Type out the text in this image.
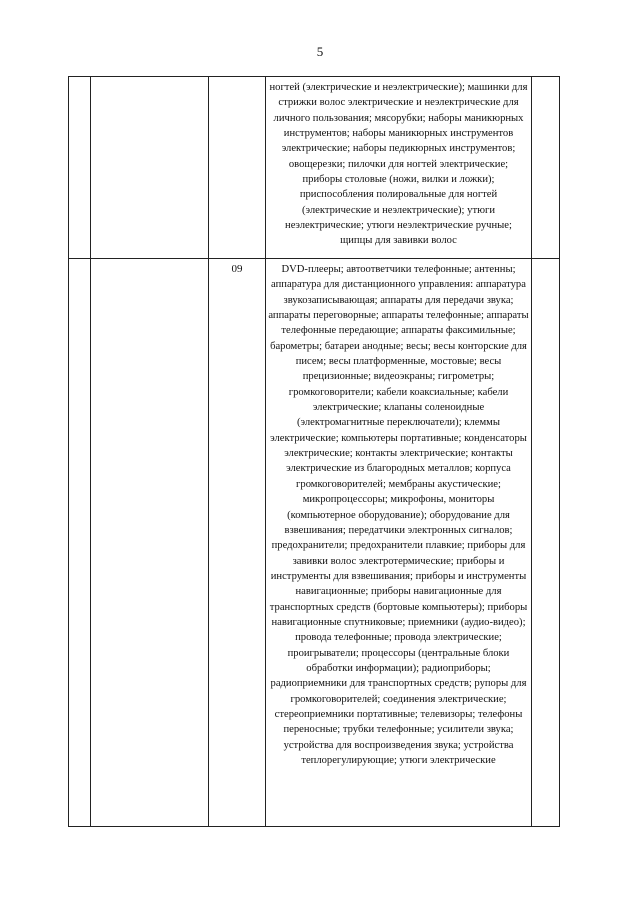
5
			ногтей (электрические и неэлектрические); машинки для стрижки волос электрические и неэлектрические для личного пользования; мясорубки; наборы маникюрных инструментов; наборы маникюрных инструментов электрические; наборы педикюрных инструментов; овощерезки; пилочки для ногтей электрические; приборы столовые (ножи, вилки и ложки); приспособления полировальные для ногтей (электрические и неэлектрические); утюги неэлектрические; утюги неэлектрические ручные; щипцы для завивки волос	
		09	DVD-плееры; автоответчики телефонные; антенны; аппаратура для дистанционного управления: аппаратура звукозаписывающая; аппараты для передачи звука; аппараты переговорные; аппараты телефонные; аппараты телефонные передающие; аппараты факсимильные; барометры; батареи анодные; весы; весы конторские для писем; весы платформенные, мостовые; весы прецизионные; видеоэкраны; гигрометры; громкоговорители; кабели коаксиальные; кабели электрические; клапаны соленоидные (электромагнитные переключатели); клеммы электрические; компьютеры портативные; конденсаторы электрические; контакты электрические; контакты электрические из благородных металлов; корпуса громкоговорителей; мембраны акустические; микропроцессоры; микрофоны, мониторы (компьютерное оборудование); оборудование для взвешивания; передатчики электронных сигналов; предохранители; предохранители плавкие; приборы для завивки волос электротермические; приборы и инструменты для взвешивания; приборы и инструменты навигационные; приборы навигационные для транспортных средств (бортовые компьютеры); приборы навигационные спутниковые; приемники (аудио-видео); провода телефонные; провода электрические; проигрыватели; процессоры (центральные блоки обработки информации); радиоприборы; радиоприемники для транспортных средств; рупоры для громкоговорителей; соединения электрические; стереоприемники портативные; телевизоры; телефоны переносные; трубки телефонные; усилители звука; устройства для воспроизведения звука; устройства теплорегулирующие; утюги электрические	
